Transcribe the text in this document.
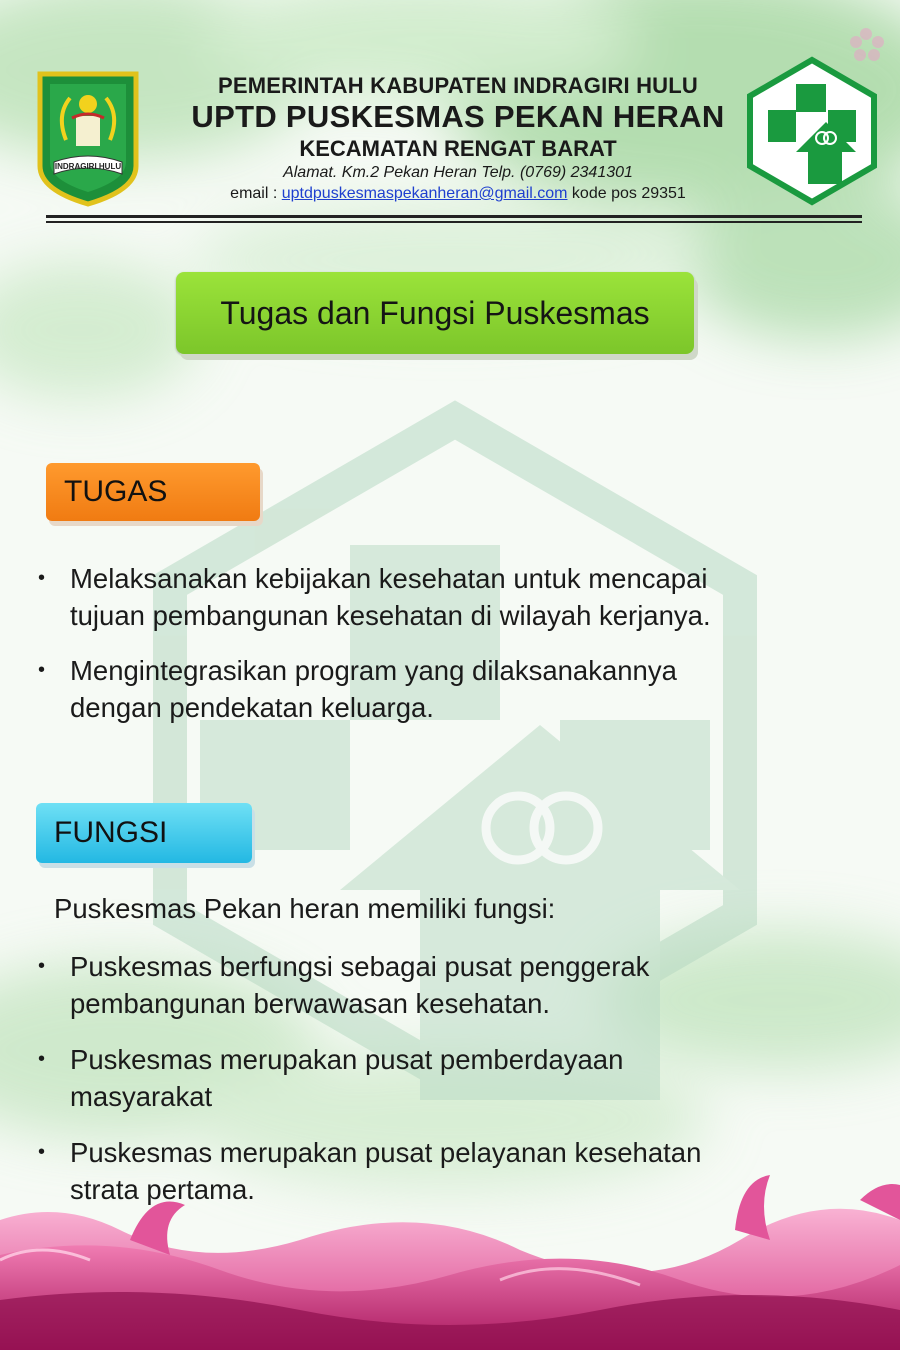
INDRAGIRI HULU
PEMERINTAH KABUPATEN INDRAGIRI HULU
UPTD PUSKESMAS PEKAN HERAN
KECAMATAN RENGAT BARAT
Alamat. Km.2 Pekan Heran Telp. (0769) 2341301
email : uptdpuskesmaspekanheran@gmail.com kode pos 29351
Tugas dan Fungsi Puskesmas
TUGAS
• Melaksanakan kebijakan kesehatan untuk mencapai
tujuan pembangunan kesehatan di wilayah kerjanya.
• Mengintegrasikan program yang dilaksanakannya
dengan pendekatan keluarga.
FUNGSI
Puskesmas Pekan heran memiliki fungsi:
• Puskesmas berfungsi sebagai pusat penggerak
pembangunan berwawasan kesehatan.
• Puskesmas merupakan pusat pemberdayaan
masyarakat
• Puskesmas merupakan pusat pelayanan kesehatan
strata pertama.
